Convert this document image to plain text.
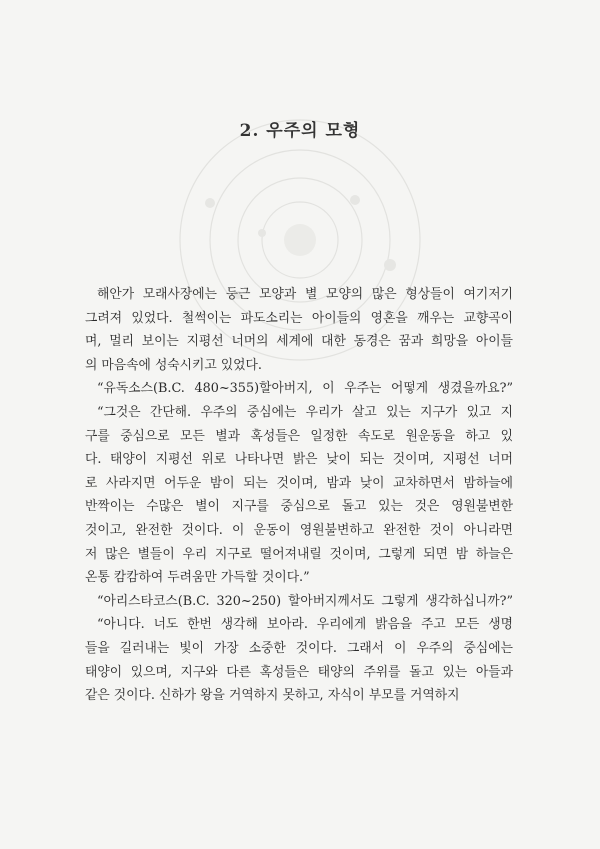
2. 우주의 모형
해안가 모래사장에는 둥근 모양과 별 모양의 많은 형상들이 여기저기
그려져 있었다. 철썩이는 파도소리는 아이들의 영혼을 깨우는 교향곡이
며, 멀리 보이는 지평선 너머의 세계에 대한 동경은 꿈과 희망을 아이들
의 마음속에 성숙시키고 있었다.
“유독소스(B.C. 480~355)할아버지, 이 우주는 어떻게 생겼을까요?”
“그것은 간단해. 우주의 중심에는 우리가 살고 있는 지구가 있고 지
구를 중심으로 모든 별과 혹성들은 일정한 속도로 원운동을 하고 있
다. 태양이 지평선 위로 나타나면 밝은 낮이 되는 것이며, 지평선 너머
로 사라지면 어두운 밤이 되는 것이며, 밤과 낮이 교차하면서 밤하늘에
반짝이는 수많은 별이 지구를 중심으로 돌고 있는 것은 영원불변한
것이고, 완전한 것이다. 이 운동이 영원불변하고 완전한 것이 아니라면
저 많은 별들이 우리 지구로 떨어져내릴 것이며, 그렇게 되면 밤 하늘은
온통 캄캄하여 두려움만 가득할 것이다.”
“아리스타코스(B.C. 320~250) 할아버지께서도 그렇게 생각하십니까?”
“아니다. 너도 한번 생각해 보아라. 우리에게 밝음을 주고 모든 생명
들을 길러내는 빛이 가장 소중한 것이다. 그래서 이 우주의 중심에는
태양이 있으며, 지구와 다른 혹성들은 태양의 주위를 돌고 있는 아들과
같은 것이다. 신하가 왕을 거역하지 못하고, 자식이 부모를 거역하지
